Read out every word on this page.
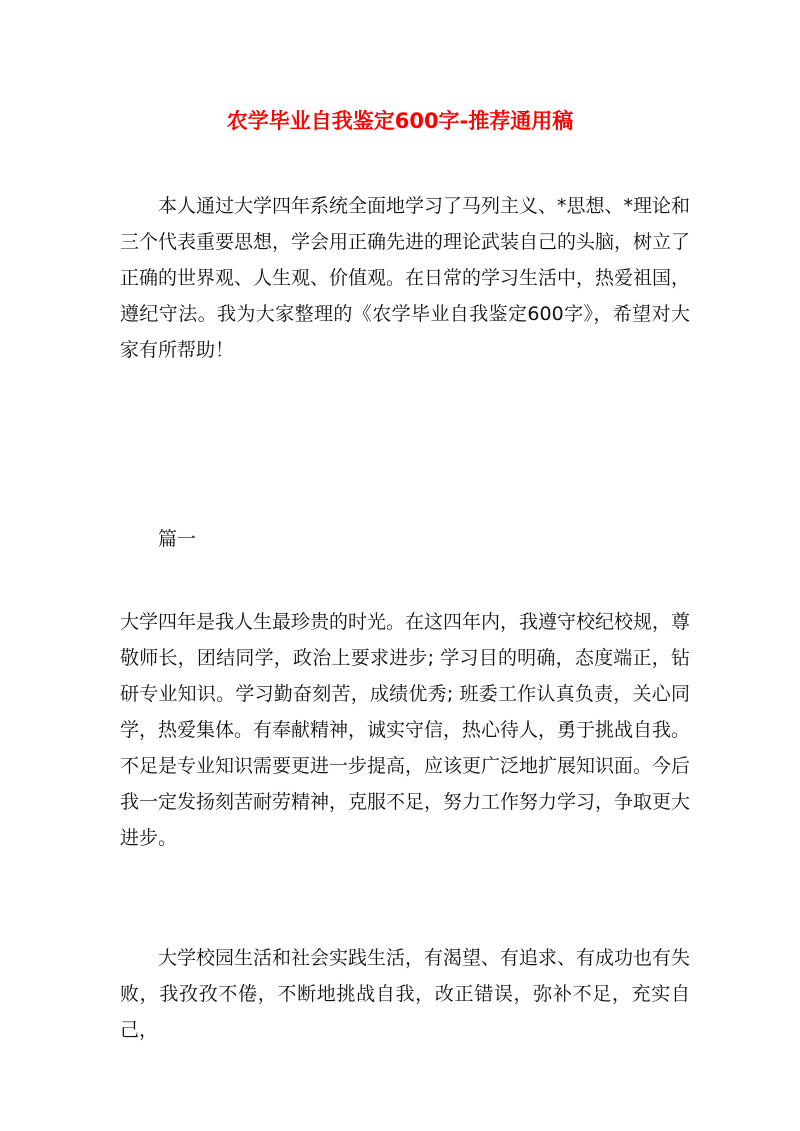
农学毕业自我鉴定600字-推荐通用稿

本人通过大学四年系统全面地学习了马列主义、*思想、*理论和三个代表重要思想，学会用正确先进的理论武装自己的头脑，树立了正确的世界观、人生观、价值观。在日常的学习生活中，热爱祖国，遵纪守法。我为大家整理的《农学毕业自我鉴定600字》，希望对大家有所帮助！

篇一

大学四年是我人生最珍贵的时光。在这四年内，我遵守校纪校规，尊敬师长，团结同学，政治上要求进步; 学习目的明确，态度端正，钻研专业知识。学习勤奋刻苦，成绩优秀; 班委工作认真负责，关心同学，热爱集体。有奉献精神，诚实守信，热心待人，勇于挑战自我。不足是专业知识需要更进一步提高，应该更广泛地扩展知识面。今后我一定发扬刻苦耐劳精神，克服不足，努力工作努力学习，争取更大进步。

大学校园生活和社会实践生活，有渴望、有追求、有成功也有失败，我孜孜不倦，不断地挑战自我，改正错误，弥补不足，充实自己，
